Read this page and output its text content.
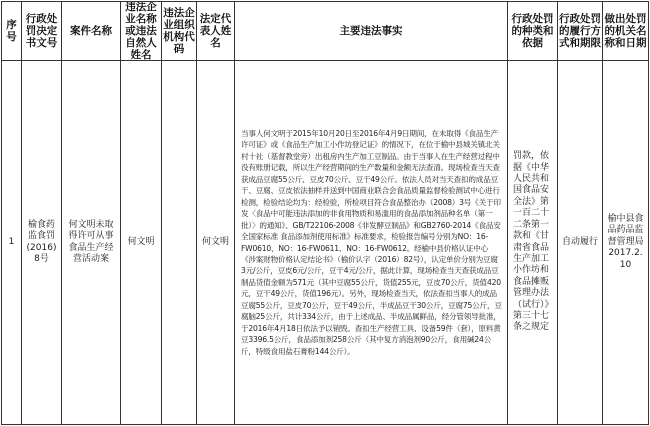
序号
行政处罚决定书文号
案件名称
违法企业名称或违法自然人姓名
违法企业组织机构代码
法定代表人姓名
主要违法事实
行政处罚的种类和依据
行政处罚的履行方式和期限
做出处罚的机关名称和日期
1
榆食药监食罚(2016)8号
何文明未取得许可从事食品生产经营活动案
何文明	何文明
当事人何文明于2015年10月20日至2016年4月9日期间，在未取得《食品生产许可证》或《食品生产加工小作坊登记证》的情况下，在位于榆中县城关镇北关村十社（基督教堂旁）出租房内生产加工豆制品。由于当事人在生产经营过程中没有账册记载，所以生产经营期间的生产数量和金额无法查清。现场检查当天查获成品豆腐55公斤、豆皮70公斤、豆干49公斤。依法人员对当天查扣的成品豆干、豆腐、豆皮依法抽样并送到中国商业联合会食品质量监督检验测试中心进行检测，检验结论均为：经检验，所检项目符合食品整治办（2008）3号《关于印发〈食品中可能违法添加的非食用物质和易滥用的食品添加剂品种名单（第一批）〉的通知》、GB/T22106-2008《非发酵豆制品》和GB2760-2014《食品安全国家标准 食品添加剂使用标准》标准要求，检验报告编号分别为NO：16-FW0610、NO：16-FW0611、NO：16-FW0612。经榆中县价格认证中心《涉案财物价格认定结论书》（榆价认字（2016）82号），认定单价分别为豆腐3元/公斤，豆皮6元/公斤，豆干4元/公斤，据此计算，现场检查当天查获成品豆制品货值金额为571元（其中豆腐55公斤，货值255元，豆皮70公斤，货值420元，豆干49公斤，货值196元）。另外，现场检查当天，依法查扣当事人的成品豆腐55公斤，豆皮70公斤，豆干49公斤，半成品豆干30公斤，豆腐75公斤，豆腐脑25公斤，共计334公斤，由于上述成品、半成品属鲜品，经分管领导批准，于2016年4月18日依法予以销毁。查扣生产经营工具、设备59件（套），原料黄豆3396.5公斤，食品添加剂258公斤（其中复方消泡剂90公斤，食用碱24公斤，特级食用盐石膏粉144公斤）。
罚款，依据《中华人民共和国食品安全法》第一百二十二条第一款和《甘肃省食品生产加工小作坊和食品摊贩管理办法（试行）》第三十七条之规定
自动履行
榆中县食品药品监督管理局2017.2.10
